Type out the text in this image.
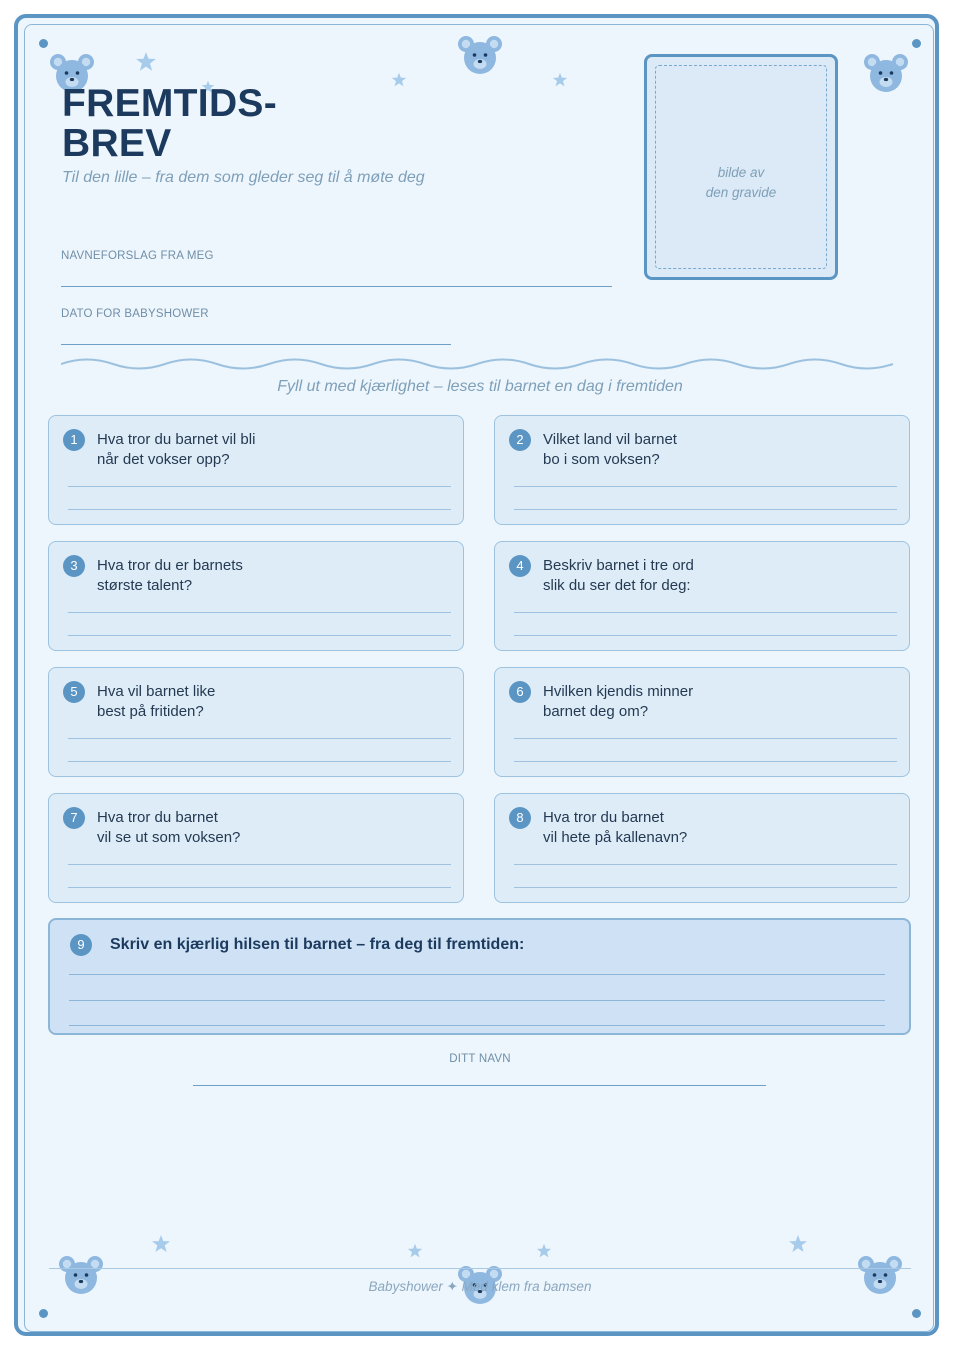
FREMTIDS-
BREV
Til den lille – fra dem som gleder seg til å møte deg
NAVNEFORSLAG FRA MEG
DATO FOR BABYSHOWER
bilde av
den gravide
Fyll ut med kjærlighet – leses til barnet en dag i fremtiden
1	Hva tror du barnet vil bli
når det vokser opp?
2	Vilket land vil barnet
bo i som voksen?
3	Hva tror du er barnets
største talent?
4	Beskriv barnet i tre ord
slik du ser det for deg:
5	Hva vil barnet like
best på fritiden?
6	Hvilken kjendis minner
barnet deg om?
7	Hva tror du barnet
vil se ut som voksen?
8	Hva tror du barnet
vil hete på kallenavn?
9	Skriv en kjærlig hilsen til barnet – fra deg til fremtiden:
DITT NAVN
Babyshower ✦ Med klem fra bamsen
